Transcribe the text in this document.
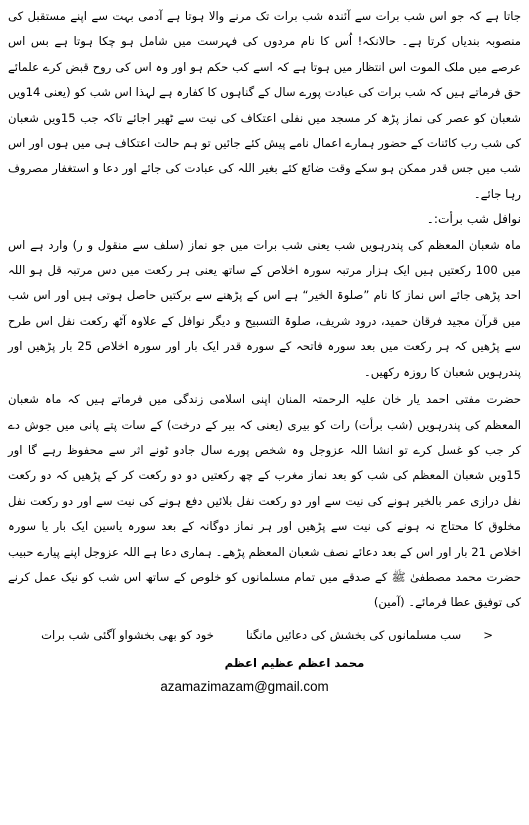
جاتا ہے کہ جو اس شب برات سے آئندہ شب برات تک مرنے والا ہوتا ہے آدمی بہت سے اپنے مستقبل کی منصوبہ بندیاں کرتا ہے۔ حالانکہ! اُس کا نام مردوں کی فہرست میں شامل ہو چکا ہوتا ہے بس اس عرصے میں ملک الموت اس انتظار میں ہوتا ہے کہ اسے کب حکم ہو اور وہ اس کی روح قبض کرے علمائے حق فرماتے ہیں کہ شب برات کی عبادت پورے سال کے گناہوں کا کفارہ ہے لہذا اس شب کو (یعنی 14ویں شعبان کو عصر کی نماز پڑھ کر مسجد میں نفلی اعتکاف کی نیت سے ٹھیر اجائے تاکہ جب 15ویں شعبان کی شب رب کائنات کے حضور ہمارے اعمال نامے پیش کئے جائیں تو ہم حالت اعتکاف ہی میں ہوں اور اس شب میں جس قدر ممکن ہو سکے وقت ضائع کئے بغیر اللہ کی عبادت کی جائے اور دعا و استغفار مصروف رہا جائے۔

نوافل شب برأت:۔

ماہ شعبان المعظم کی پندرہویں شب یعنی شب برات میں جو نماز (سلف سے منقول و ر) وارد ہے اس میں 100 رکعتیں ہیں ایک ہزار مرتبہ سورہ اخلاص کے ساتھ یعنی ہر رکعت میں دس مرتبہ قل ہو اللہ احد پڑھی جائے اس نماز کا نام ”صلوۃ الخیر“ ہے اس کے پڑھنے سے برکتیں حاصل ہوتی ہیں اور اس شب میں قرآن مجید فرقان حمید، درود شریف، صلوۃ التسبیح و دیگر نوافل کے علاوہ آٹھ رکعت نفل اس طرح سے پڑھیں کہ ہر رکعت میں بعد سورہ فاتحہ کے سورہ قدر ایک بار اور سورہ اخلاص 25 بار پڑھیں اور پندرہویں شعبان کا روزہ رکھیں۔

حضرت مفتی احمد یار خان علیہ الرحمتہ المنان اپنی اسلامی زندگی میں فرماتے ہیں کہ ماہ شعبان المعظم کی پندرہویں (شب برأت) رات کو بیری (یعنی کہ بیر کے درخت) کے سات پتے پانی میں جوش دے کر جب کو غسل کرے تو انشا اللہ عزوجل وہ شخص پورے سال جادو ٹونے اثر سے محفوظ رہے گا اور 15ویں شعبان المعظم کی شب کو بعد نماز مغرب کے چھ رکعتیں دو دو رکعت کر کے پڑھیں کہ دو رکعت نفل درازی عمر بالخیر ہونے کی نیت سے اور دو رکعت نفل بلائیں دفع ہونے کی نیت سے اور دو رکعت نفل مخلوق کا محتاج نہ ہونے کی نیت سے پڑھیں اور ہر نماز دوگانہ کے بعد سورہ یاسین ایک بار یا سورہ اخلاص 21 بار اور اس کے بعد دعائے نصف شعبان المعظم پڑھے۔ ہماری دعا ہے اللہ عزوجل اپنے پیارے حبیب حضرت محمد مصطفیٰ ﷺ کے صدقے میں تمام مسلمانوں کو خلوص کے ساتھ اس شب کو نیک عمل کرنے کی توفیق عطا فرمائے۔ (آمین)

<
سب مسلمانوں کی بخشش کی دعائیں مانگنا
خود کو بھی بخشواو آگئی شب برات
محمد اعظم عظیم اعظم
azamazimazam@gmail.com
